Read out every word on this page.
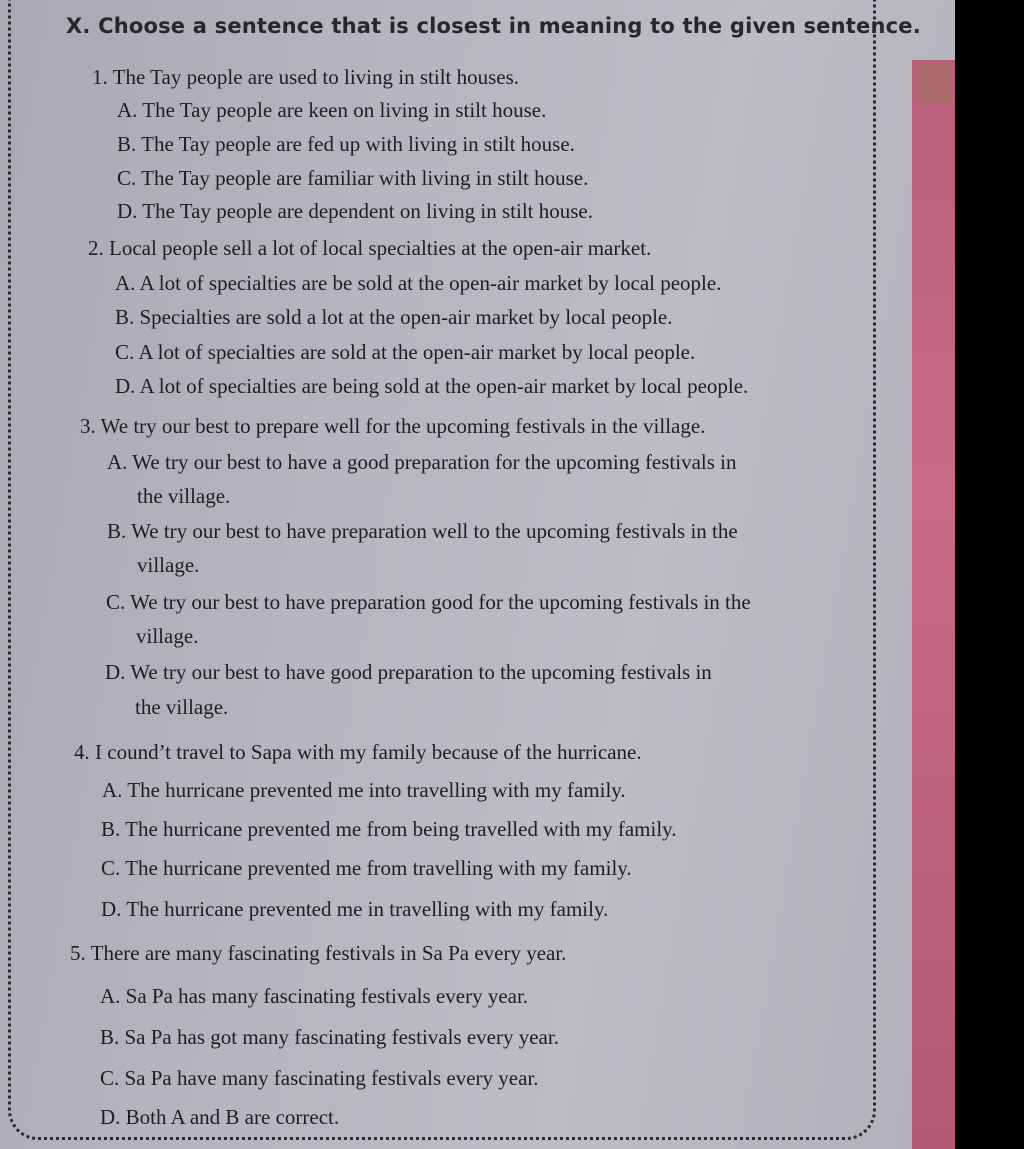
X. Choose a sentence that is closest in meaning to the given sentence.
1. The Tay people are used to living in stilt houses.
A. The Tay people are keen on living in stilt house.
B. The Tay people are fed up with living in stilt house.
C. The Tay people are familiar with living in stilt house.
D. The Tay people are dependent on living in stilt house.
2. Local people sell a lot of local specialties at the open-air market.
A. A lot of specialties are be sold at the open-air market by local people.
B. Specialties are sold a lot at the open-air market by local people.
C. A lot of specialties are sold at the open-air market by local people.
D. A lot of specialties are being sold at the open-air market by local people.
3. We try our best to prepare well for the upcoming festivals in the village.
A. We try our best to have a good preparation for the upcoming festivals in
the village.
B. We try our best to have preparation well to the upcoming festivals in the
village.
C. We try our best to have preparation good for the upcoming festivals in the
village.
D. We try our best to have good preparation to the upcoming festivals in
the village.
4. I cound’t travel to Sapa with my family because of the hurricane.
A. The hurricane prevented me into travelling with my family.
B. The hurricane prevented me from being travelled with my family.
C. The hurricane prevented me from travelling with my family.
D. The hurricane prevented me in travelling with my family.
5. There are many fascinating festivals in Sa Pa every year.
A. Sa Pa has many fascinating festivals every year.
B. Sa Pa has got many fascinating festivals every year.
C. Sa Pa have many fascinating festivals every year.
D. Both A and B are correct.
